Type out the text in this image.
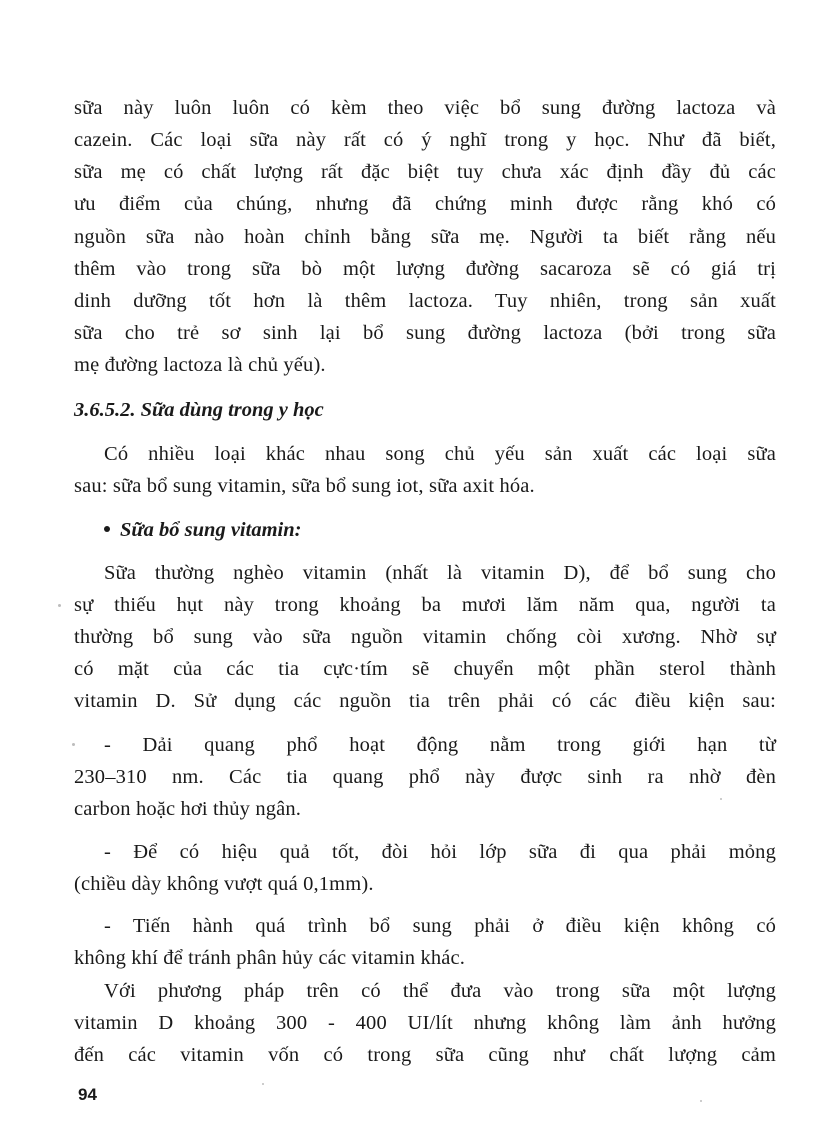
sữa này luôn luôn có kèm theo việc bổ sung đường lactoza và
cazein. Các loại sữa này rất có ý nghĩ trong y học. Như đã biết,
sữa mẹ có chất lượng rất đặc biệt tuy chưa xác định đầy đủ các
ưu điểm của chúng, nhưng đã chứng minh được rằng khó có
nguồn sữa nào hoàn chỉnh bằng sữa mẹ. Người ta biết rằng nếu
thêm vào trong sữa bò một lượng đường sacaroza sẽ có giá trị
dinh dưỡng tốt hơn là thêm lactoza. Tuy nhiên, trong sản xuất
sữa cho trẻ sơ sinh lại bổ sung đường lactoza (bởi trong sữa
mẹ đường lactoza là chủ yếu).
3.6.5.2. Sữa dùng trong y học
Có nhiều loại khác nhau song chủ yếu sản xuất các loại sữa
sau: sữa bổ sung vitamin, sữa bổ sung iot, sữa axit hóa.
Sữa bổ sung vitamin:
Sữa thường nghèo vitamin (nhất là vitamin D), để bổ sung cho
sự thiếu hụt này trong khoảng ba mươi lăm năm qua, người ta
thường bổ sung vào sữa nguồn vitamin chống còi xương. Nhờ sự
có mặt của các tia cực·tím sẽ chuyển một phần sterol thành
vitamin D. Sử dụng các nguồn tia trên phải có các điều kiện sau:
- Dải quang phổ hoạt động nằm trong giới hạn từ
230–310 nm. Các tia quang phổ này được sinh ra nhờ đèn
carbon hoặc hơi thủy ngân.
- Để có hiệu quả tốt, đòi hỏi lớp sữa đi qua phải mỏng
(chiều dày không vượt quá 0,1mm).
- Tiến hành quá trình bổ sung phải ở điều kiện không có
không khí để tránh phân hủy các vitamin khác.
Với phương pháp trên có thể đưa vào trong sữa một lượng
vitamin D khoảng 300 - 400 UI/lít nhưng không làm ảnh hưởng
đến các vitamin vốn có trong sữa cũng như chất lượng cảm
94
